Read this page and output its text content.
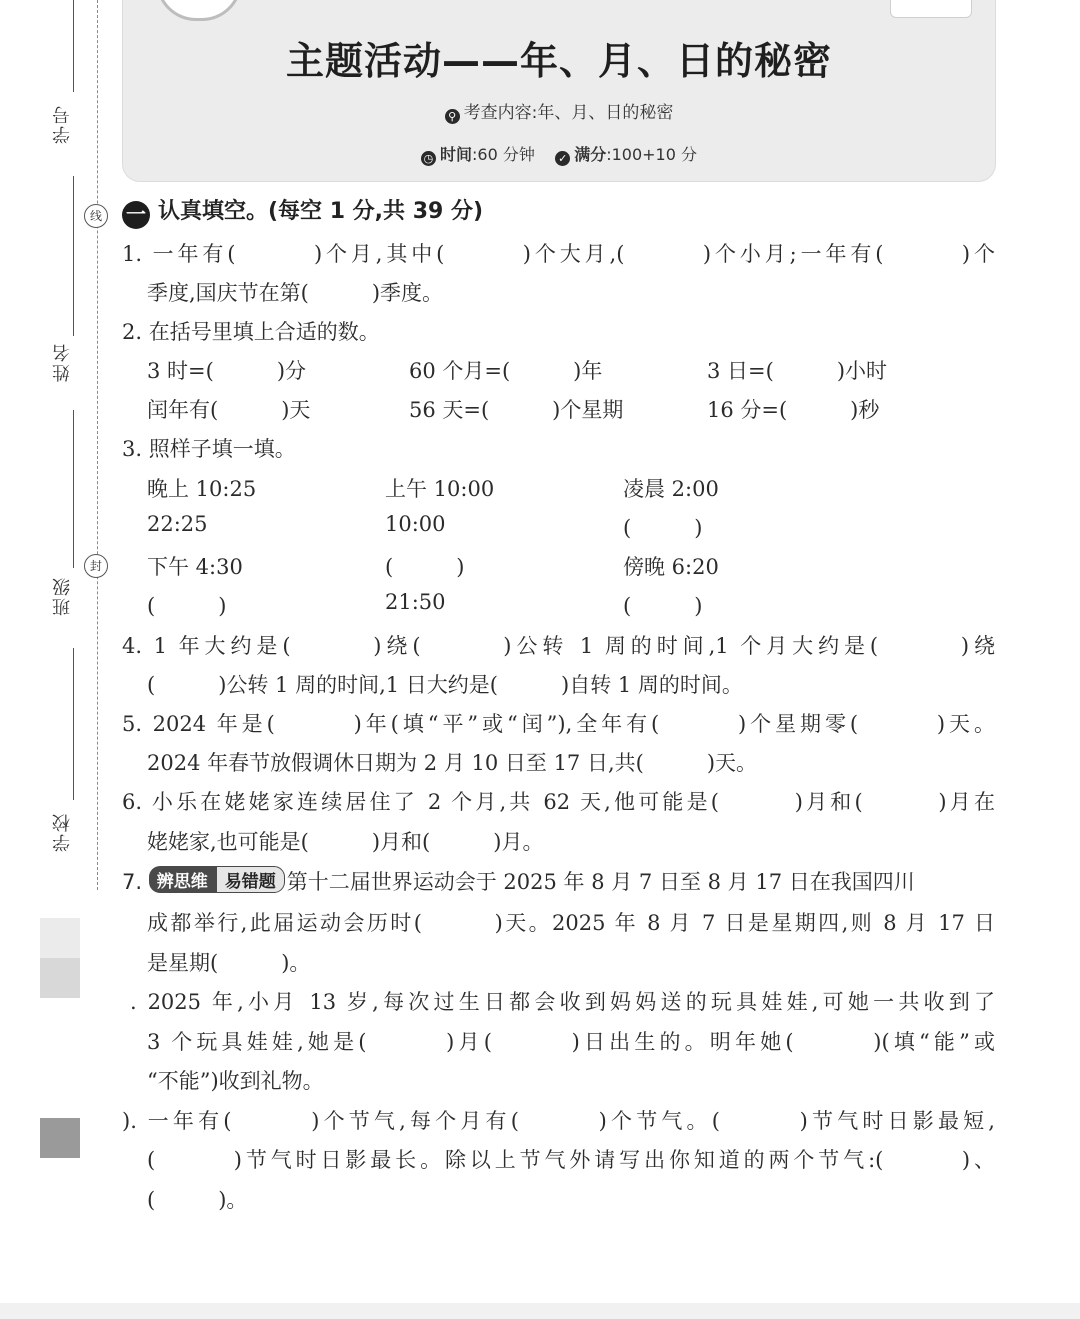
主题活动——年、月、日的秘密
⚲ 考查内容:年、月、日的秘密
◷ 时间:60 分钟 ✓ 满分:100+10 分
学号
姓名
班级
学校
线
封
一 认真填空。(每空 1 分,共 39 分)
1. 一年有(　　　)个月,其中(　　　)个大月,(　　　)个小月;一年有(　　　)个
季度,国庆节在第(　　　)季度。
2. 在括号里填上合适的数。
3 时=(　　　)分	60 个月=(　　　)年	3 日=(　　　)小时
闰年有(　　　)天	56 天=(　　　)个星期	16 分=(　　　)秒
3. 照样子填一填。
晚上 10:25	上午 10:00	凌晨 2:00
22:25	10:00	(　　　)
下午 4:30	(　　　)	傍晚 6:20
(　　　)	21:50	(　　　)
4. 1 年大约是(　　　)绕(　　　)公转 1 周的时间,1 个月大约是(　　　)绕
(　　　)公转 1 周的时间,1 日大约是(　　　)自转 1 周的时间。
5. 2024 年是(　　　)年(填“平”或“闰”),全年有(　　　)个星期零(　　　)天。
2024 年春节放假调休日期为 2 月 10 日至 17 日,共(　　　)天。
6. 小乐在姥姥家连续居住了 2 个月,共 62 天,他可能是(　　　)月和(　　　)月在
姥姥家,也可能是(　　　)月和(　　　)月。
7. 辨思维 易错题 第十二届世界运动会于 2025 年 8 月 7 日至 8 月 17 日在我国四川
成都举行,此届运动会历时(　　　)天。2025 年 8 月 7 日是星期四,则 8 月 17 日
是星期(　　　)。
. 2025 年,小月 13 岁,每次过生日都会收到妈妈送的玩具娃娃,可她一共收到了
3 个玩具娃娃,她是(　　　)月(　　　)日出生的。明年她(　　　)(填“能”或
“不能”)收到礼物。
). 一年有(　　　)个节气,每个月有(　　　)个节气。(　　　)节气时日影最短,
(　　　)节气时日影最长。除以上节气外请写出你知道的两个节气:(　　　)、
(　　　)。
